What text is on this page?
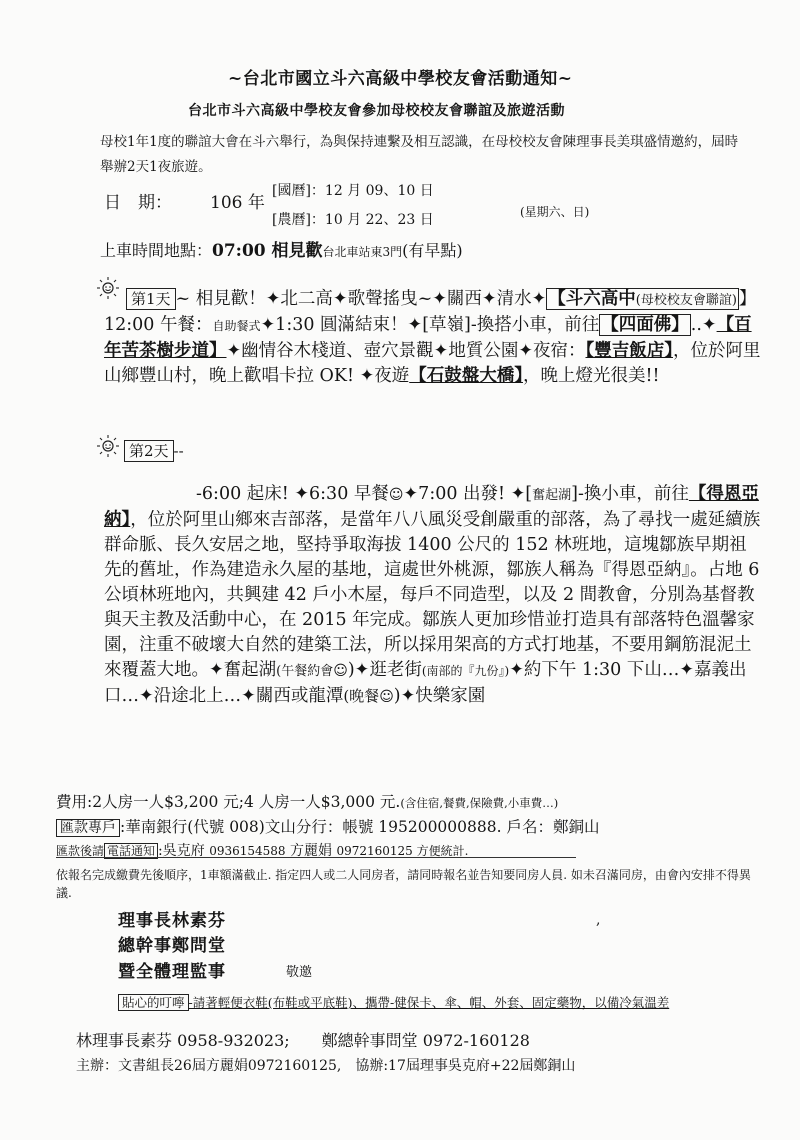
~台北市國立斗六高級中學校友會活動通知~
台北市斗六高級中學校友會參加母校校友會聯誼及旅遊活動
母校1年1度的聯誼大會在斗六舉行，為與保持連繫及相互認識，在母校校友會陳理事長美琪盛情邀約，屆時舉辦2天1夜旅遊。
日　期： 106 年
[國曆]：12 月 09、10 日
[農曆]：10 月 22、23 日	(星期六、日)
上車時間地點：07:00 相見歡台北車站東3門(有早點)
第1天 ~ 相見歡！✦北二高✦歌聲搖曳~✦關西✦清水✦ 【斗六高中(母校校友會聯誼) 】12:00 午餐：自助餐式✦1:30 圓滿結束！✦[草嶺]-換搭小車，前往 【四面佛】 ..✦【百年苦茶樹步道】✦幽情谷木棧道、壺穴景觀✦地質公園✦夜宿：【豐吉飯店】，位於阿里山鄉豐山村，晚上歡唱卡拉 OK! ✦夜遊【石鼓盤大橋】，晚上燈光很美!!
第2天 --
-6:00 起床! ✦6:30 早餐☺✦7:00 出發! ✦[奮起湖]-換小車，前往【得恩亞納】，位於阿里山鄉來吉部落，是當年八八風災受創嚴重的部落，為了尋找一處延續族群命脈、長久安居之地，堅持爭取海拔 1400 公尺的 152 林班地，這塊鄒族早期祖先的舊址，作為建造永久屋的基地，這處世外桃源，鄒族人稱為『得恩亞納』。占地 6 公頃林班地內，共興建 42 戶小木屋，每戶不同造型，以及 2 間教會，分別為基督教與天主教及活動中心，在 2015 年完成。鄒族人更加珍惜並打造具有部落特色溫馨家園，注重不破壞大自然的建築工法，所以採用架高的方式打地基，不要用鋼筋混泥土來覆蓋大地。✦奮起湖(午餐約會☺)✦逛老街(南部的『九份』)✦約下午 1:30 下山…✦嘉義出口…✦沿途北上…✦關西或龍潭(晚餐☺)✦快樂家園
費用:2人房一人$3,200 元;4 人房一人$3,000 元.(含住宿,餐費,保險費,小車費…)
匯款專戶 :華南銀行(代號 008)文山分行：帳號 195200000888. 戶名：鄭銅山
匯款後請 電話通知 :吳克府 0936154588 方麗娟 0972160125 方便統計.
依報名完成繳費先後順序，1車額滿截止. 指定四人或二人同房者，請同時報名並告知要同房人員. 如未召滿同房，由會內安排不得異議.
理事長林素芬
總幹事鄭問堂
暨全體理監事	敬邀
,
貼心的叮嚀 -請著輕便衣鞋(布鞋或平底鞋)、攜帶-健保卡、傘、帽、外套、固定藥物，以備冷氣溫差
林理事長素芬 0958-932023;　　鄭總幹事問堂 0972-160128
主辦：文書組長26屆方麗娟0972160125,　協辦:17屆理事吳克府+22屆鄭銅山
